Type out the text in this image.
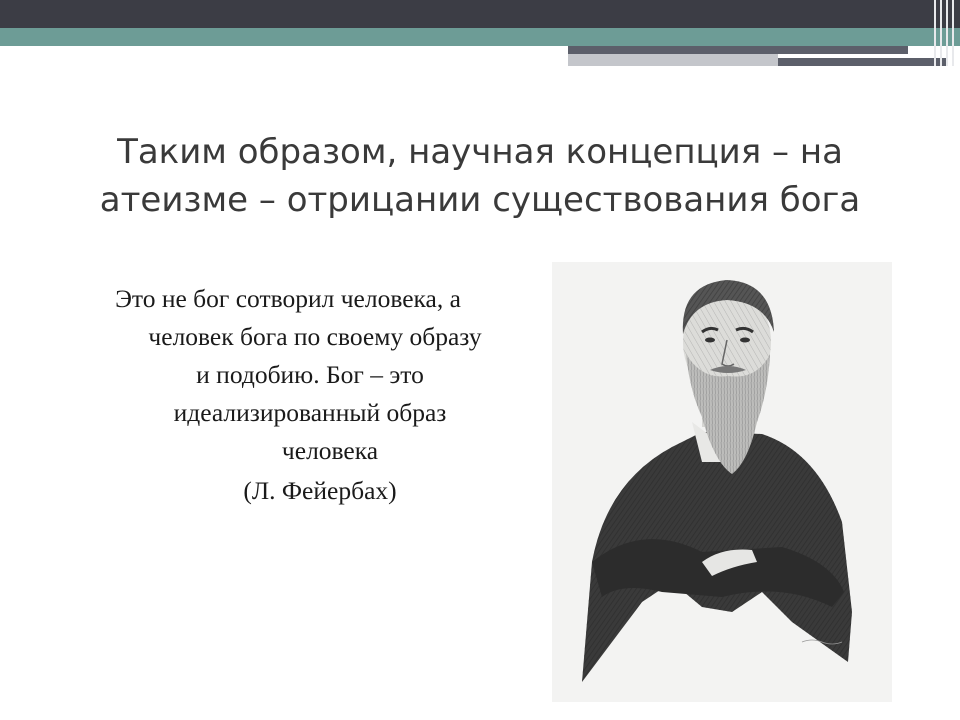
Таким образом, научная концепция – на
атеизме – отрицании существования бога
Это не бог сотворил человека, а
человек бога по своему образу
и подобию. Бог – это
идеализированный образ
человека
(Л. Фейербах)
